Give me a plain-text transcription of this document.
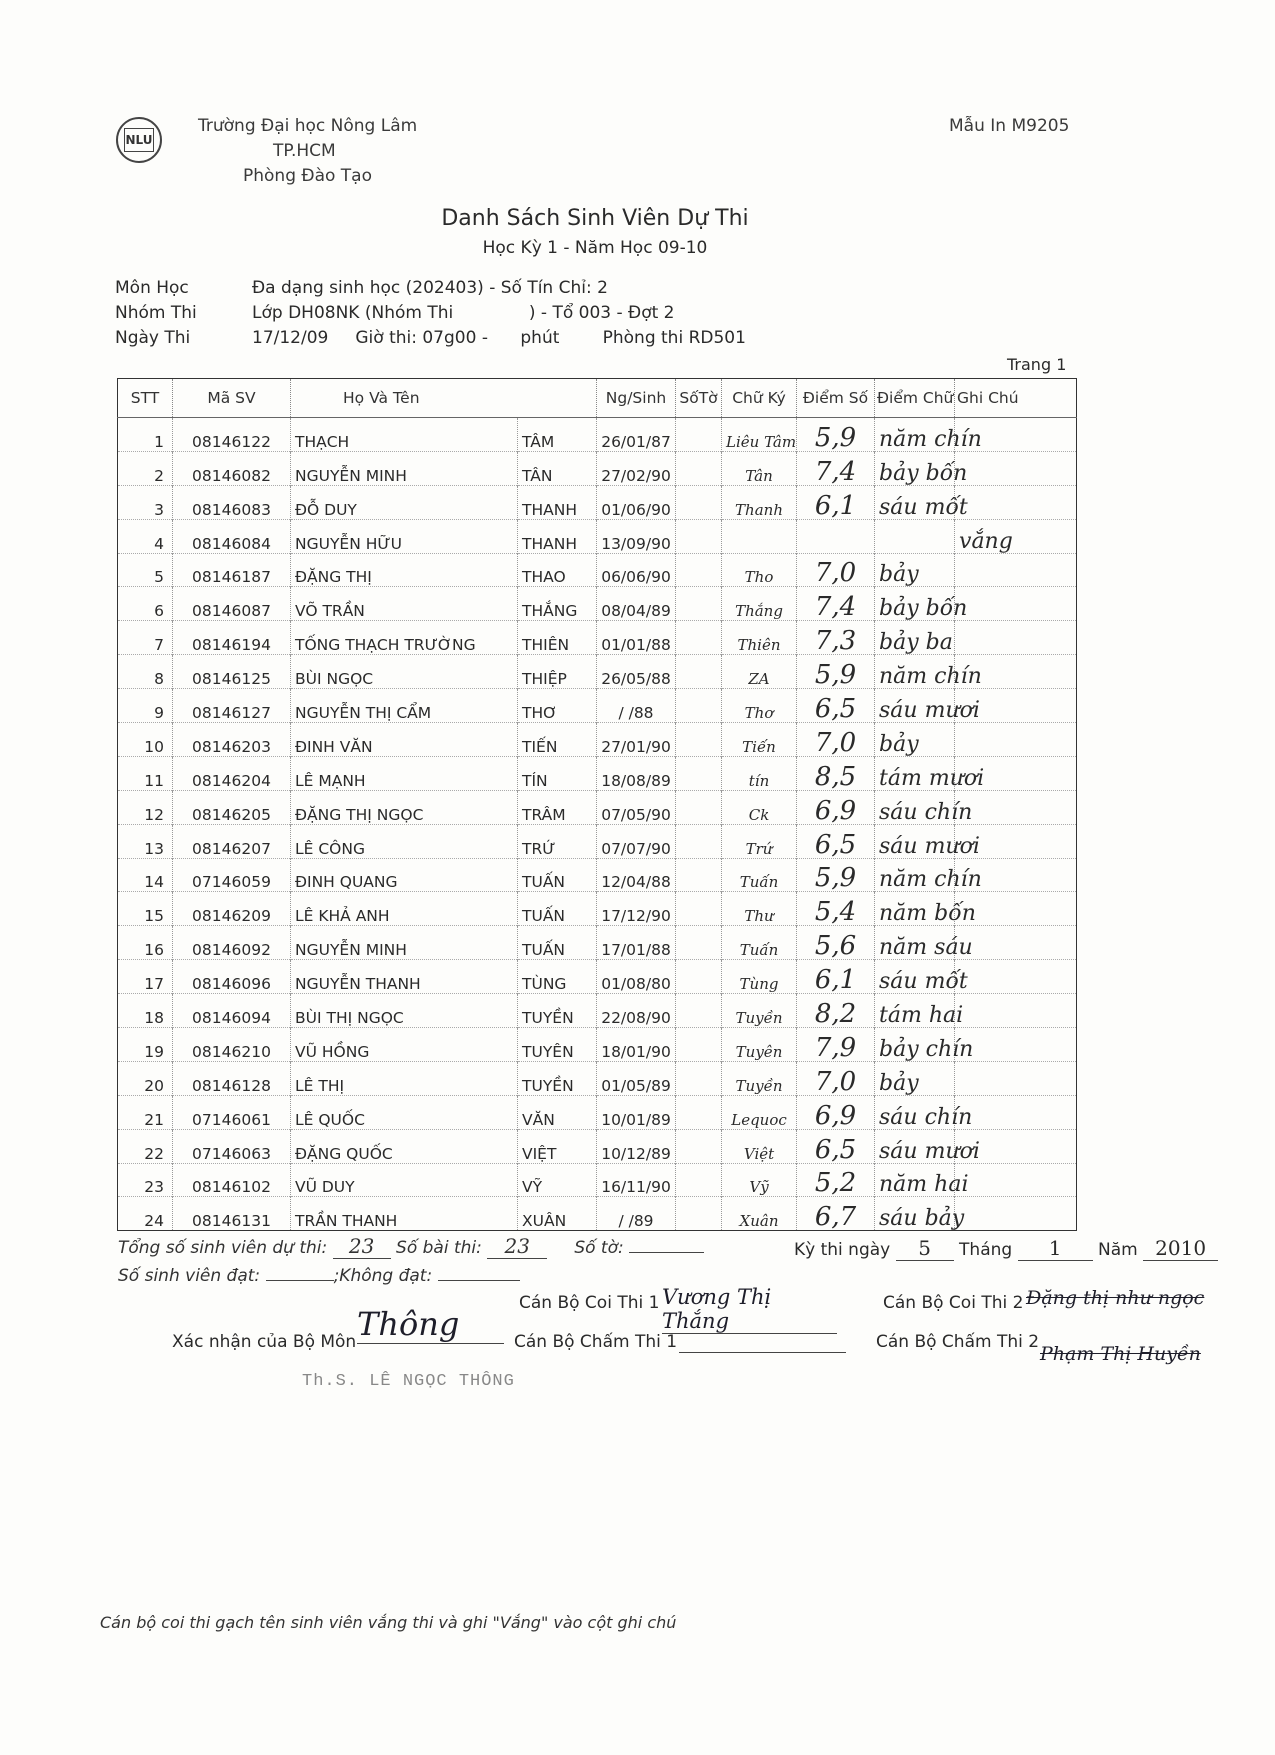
NLU
Trường Đại học Nông Lâm
TP.HCM
Phòng Đào Tạo
Mẫu In M9205
Danh Sách Sinh Viên Dự Thi
Học Kỳ 1 - Năm Học 09-10
Môn Học	Đa dạng sinh học (202403) - Số Tín Chỉ: 2
Nhóm Thi	Lớp DH08NK (Nhóm Thi              ) - Tổ 003 - Đợt 2
Ngày Thi	17/12/09     Giờ thi: 07g00 -      phút        Phòng thi RD501
Trang 1
STT	Mã SV	Họ Và Tên		Ng/Sinh	SốTờ	Chữ Ký	Điểm Số	Điểm Chữ	Ghi Chú
1	08146122	THẠCH	TÂM	26/01/87		Liêu Tâm	5,9	năm chín	
2	08146082	NGUYỄN MINH	TÂN	27/02/90		Tân	7,4	bảy bốn	
3	08146083	ĐỖ DUY	THANH	01/06/90		Thanh	6,1	sáu mốt	
4	08146084	NGUYỄN HỮU	THANH	13/09/90					vắng
5	08146187	ĐẶNG THỊ	THAO	06/06/90		Tho	7,0	bảy	
6	08146087	VÕ TRẦN	THẮNG	08/04/89		Thắng	7,4	bảy bốn	
7	08146194	TỐNG THẠCH TRƯỜNG	THIÊN	01/01/88		Thiên	7,3	bảy ba	
8	08146125	BÙI NGỌC	THIỆP	26/05/88		ZA	5,9	năm chín	
9	08146127	NGUYỄN THỊ CẨM	THƠ	/ /88		Thơ	6,5	sáu mươi	
10	08146203	ĐINH VĂN	TIẾN	27/01/90		Tiến	7,0	bảy	
11	08146204	LÊ MẠNH	TÍN	18/08/89		tín	8,5	tám mươi	
12	08146205	ĐẶNG THỊ NGỌC	TRÂM	07/05/90		Ck	6,9	sáu chín	
13	08146207	LÊ CÔNG	TRỨ	07/07/90		Trứ	6,5	sáu mươi	
14	07146059	ĐINH QUANG	TUẤN	12/04/88		Tuấn	5,9	năm chín	
15	08146209	LÊ KHẢ ANH	TUẤN	17/12/90		Thư	5,4	năm bốn	
16	08146092	NGUYỄN MINH	TUẤN	17/01/88		Tuấn	5,6	năm sáu	
17	08146096	NGUYỄN THANH	TÙNG	01/08/80		Tùng	6,1	sáu mốt	
18	08146094	BÙI THỊ NGỌC	TUYỀN	22/08/90		Tuyền	8,2	tám hai	
19	08146210	VŨ HỒNG	TUYÊN	18/01/90		Tuyên	7,9	bảy chín	
20	08146128	LÊ THỊ	TUYỀN	01/05/89		Tuyền	7,0	bảy	
21	07146061	LÊ QUỐC	VĂN	10/01/89		Lequoc	6,9	sáu chín	
22	07146063	ĐẶNG QUỐC	VIỆT	10/12/89		Việt	6,5	sáu mươi	
23	08146102	VŨ DUY	VỸ	16/11/90		Vỹ	5,2	năm hai	
24	08146131	TRẦN THANH	XUÂN	/ /89		Xuân	6,7	sáu bảy	
Tổng số sinh viên dự thi: 23 Số bài thi: 23	Số tờ:	Kỳ thi ngày 5 Tháng 1 Năm 2010
Số sinh viên đạt:	;Không đạt:
Cán Bộ Coi Thi 1 Vương Thị Thắng
Cán Bộ Coi Thi 2 Đặng thị như ngọc
Xác nhận của Bộ Môn Thông	Cán Bộ Chấm Thi 1	Cán Bộ Chấm Thi 2
Phạm Thị Huyền
Th.S. LÊ NGỌC THÔNG
Cán bộ coi thi gạch tên sinh viên vắng thi và ghi "Vắng" vào cột ghi chú
